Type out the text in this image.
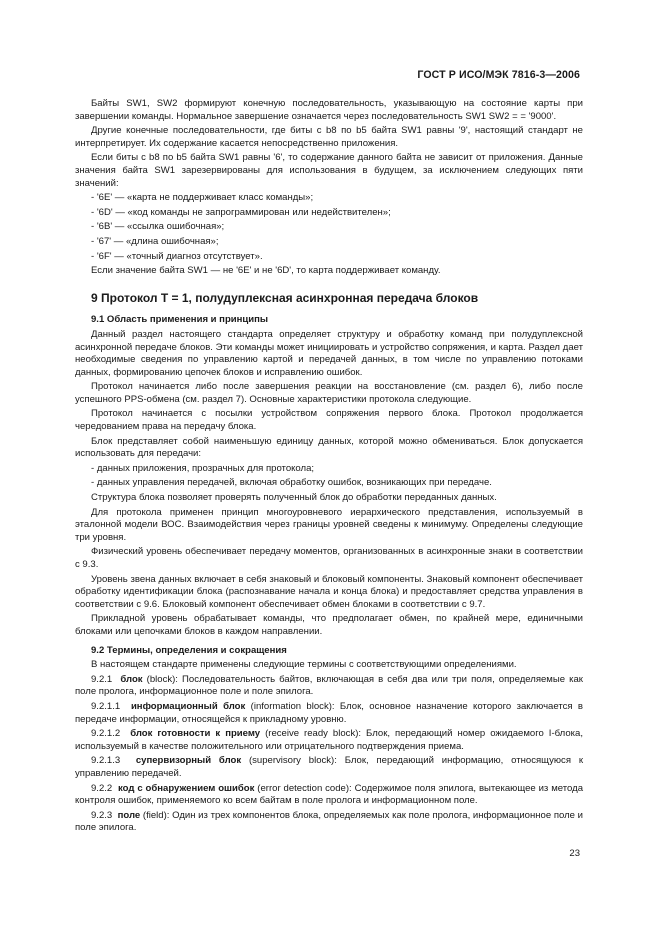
ГОСТ Р ИСО/МЭК 7816-3—2006

Байты SW1, SW2 формируют конечную последовательность, указывающую на состояние карты при завершении команды. Нормальное завершение означается через последовательность SW1 SW2 = = '9000'.

Другие конечные последовательности, где биты с b8 по b5 байта SW1 равны '9', настоящий стандарт не интерпретирует. Их содержание касается непосредственно приложения.

Если биты с b8 по b5 байта SW1 равны '6', то содержание данного байта не зависит от приложения. Данные значения байта SW1 зарезервированы для использования в будущем, за исключением следующих пяти значений:

- '6E' — «карта не поддерживает класс команды»;

- '6D' — «код команды не запрограммирован или недействителен»;

- '6B' — «ссылка ошибочная»;

- '67' — «длина ошибочная»;

- '6F' — «точный диагноз отсутствует».

Если значение байта SW1 — не '6E' и не '6D', то карта поддерживает команду.

9 Протокол Т = 1, полудуплексная асинхронная передача блоков

9.1 Область применения и принципы

Данный раздел настоящего стандарта определяет структуру и обработку команд при полудуплексной асинхронной передаче блоков. Эти команды может инициировать и устройство сопряжения, и карта. Раздел дает необходимые сведения по управлению картой и передачей данных, в том числе по управлению потоками данных, формированию цепочек блоков и исправлению ошибок.

Протокол начинается либо после завершения реакции на восстановление (см. раздел 6), либо после успешного PPS-обмена (см. раздел 7). Основные характеристики протокола следующие.

Протокол начинается с посылки устройством сопряжения первого блока. Протокол продолжается чередованием права на передачу блока.

Блок представляет собой наименьшую единицу данных, которой можно обмениваться. Блок допускается использовать для передачи:

- данных приложения, прозрачных для протокола;

- данных управления передачей, включая обработку ошибок, возникающих при передаче.

Структура блока позволяет проверять полученный блок до обработки переданных данных.

Для протокола применен принцип многоуровневого иерархического представления, используемый в эталонной модели ВОС. Взаимодействия через границы уровней сведены к минимуму. Определены следующие три уровня.

Физический уровень обеспечивает передачу моментов, организованных в асинхронные знаки в соответствии с 9.3.

Уровень звена данных включает в себя знаковый и блоковый компоненты. Знаковый компонент обеспечивает обработку идентификации блока (распознавание начала и конца блока) и предоставляет средства управления в соответствии с 9.6. Блоковый компонент обеспечивает обмен блоками в соответствии с 9.7.

Прикладной уровень обрабатывает команды, что предполагает обмен, по крайней мере, единичными блоками или цепочками блоков в каждом направлении.

9.2 Термины, определения и сокращения

В настоящем стандарте применены следующие термины с соответствующими определениями.

9.2.1 блок (block): Последовательность байтов, включающая в себя два или три поля, определяемые как поле пролога, информационное поле и поле эпилога.

9.2.1.1 информационный блок (information block): Блок, основное назначение которого заключается в передаче информации, относящейся к прикладному уровню.

9.2.1.2 блок готовности к приему (receive ready block): Блок, передающий номер ожидаемого I-блока, используемый в качестве положительного или отрицательного подтверждения приема.

9.2.1.3 супервизорный блок (supervisory block): Блок, передающий информацию, относящуюся к управлению передачей.

9.2.2 код с обнаружением ошибок (error detection code): Содержимое поля эпилога, вытекающее из метода контроля ошибок, применяемого ко всем байтам в поле пролога и информационном поле.

9.2.3 поле (field): Один из трех компонентов блока, определяемых как поле пролога, информационное поле и поле эпилога.

23
